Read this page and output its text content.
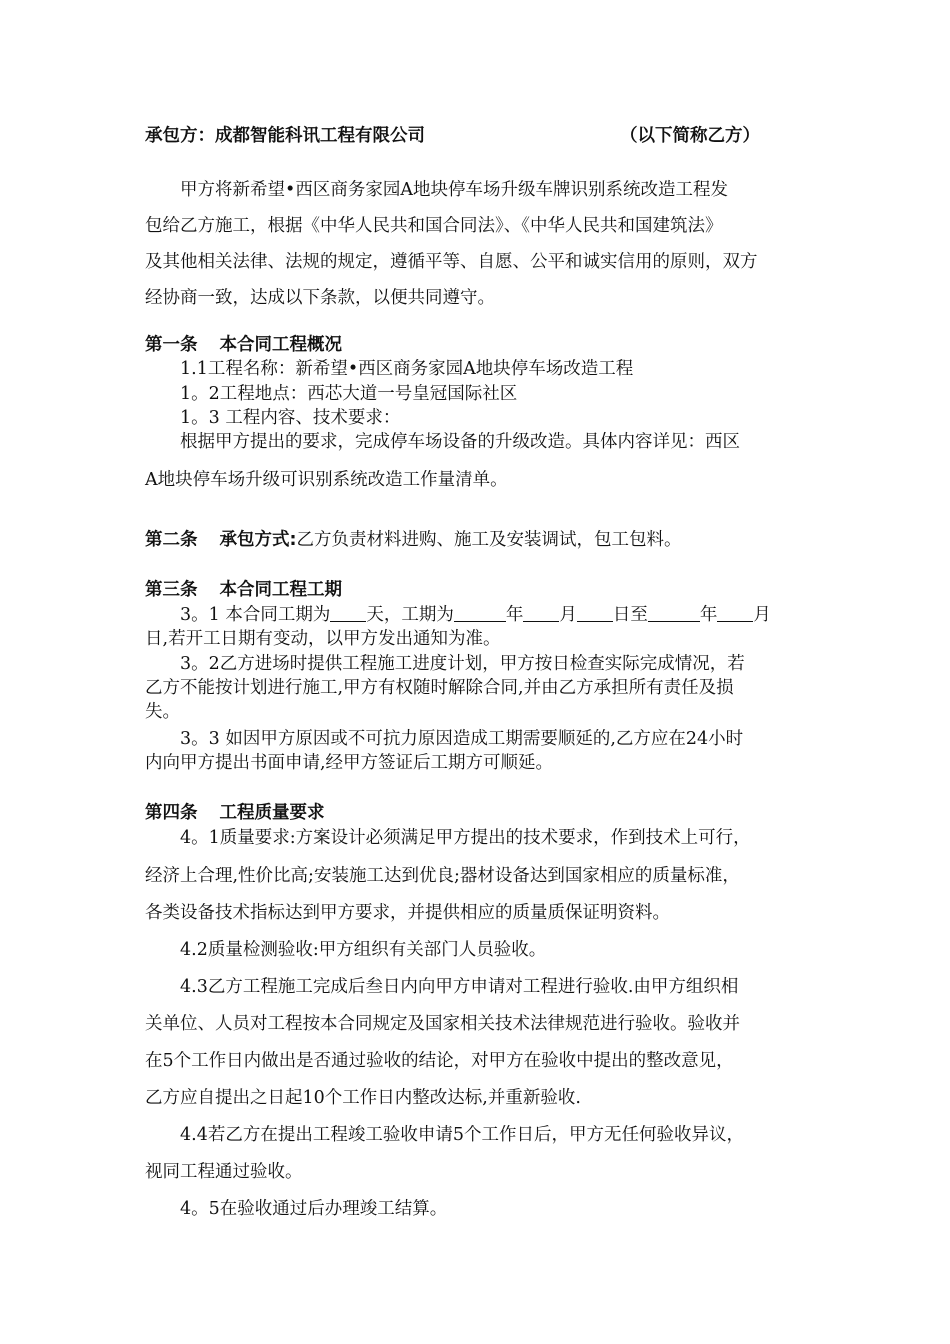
承包方：成都智能科讯工程有限公司	（以下简称乙方）
甲方将新希望•西区商务家园A地块停车场升级车牌识别系统改造工程发
包给乙方施工，根据《中华人民共和国合同法》、《中华人民共和国建筑法》
及其他相关法律、法规的规定，遵循平等、自愿、公平和诚实信用的原则，双方
经协商一致，达成以下条款，以便共同遵守。
第一条 本合同工程概况
1.1工程名称：新希望•西区商务家园A地块停车场改造工程
1。2工程地点：西芯大道一号皇冠国际社区
1。3 工程内容、技术要求：
根据甲方提出的要求，完成停车场设备的升级改造。具体内容详见：西区
A地块停车场升级可识别系统改造工作量清单。
第二条 承包方式:乙方负责材料进购、施工及安装调试，包工包料。
第三条 本合同工程工期
3。1 本合同工期为 天，工期为	年 月 日至	年 月
日,若开工日期有变动，以甲方发出通知为准。
3。2乙方进场时提供工程施工进度计划，甲方按日检查实际完成情况，若
乙方不能按计划进行施工,甲方有权随时解除合同,并由乙方承担所有责任及损
失。
3。3 如因甲方原因或不可抗力原因造成工期需要顺延的,乙方应在24小时
内向甲方提出书面申请,经甲方签证后工期方可顺延。
第四条 工程质量要求
4。1质量要求:方案设计必须满足甲方提出的技术要求，作到技术上可行，
经济上合理,性价比高;安装施工达到优良;器材设备达到国家相应的质量标准，
各类设备技术指标达到甲方要求，并提供相应的质量质保证明资料。
4.2质量检测验收:甲方组织有关部门人员验收。
4.3乙方工程施工完成后叁日内向甲方申请对工程进行验收.由甲方组织相
关单位、人员对工程按本合同规定及国家相关技术法律规范进行验收。验收并
在5个工作日内做出是否通过验收的结论，对甲方在验收中提出的整改意见，
乙方应自提出之日起10个工作日内整改达标,并重新验收.
4.4若乙方在提出工程竣工验收申请5个工作日后，甲方无任何验收异议，
视同工程通过验收。
4。5在验收通过后办理竣工结算。
